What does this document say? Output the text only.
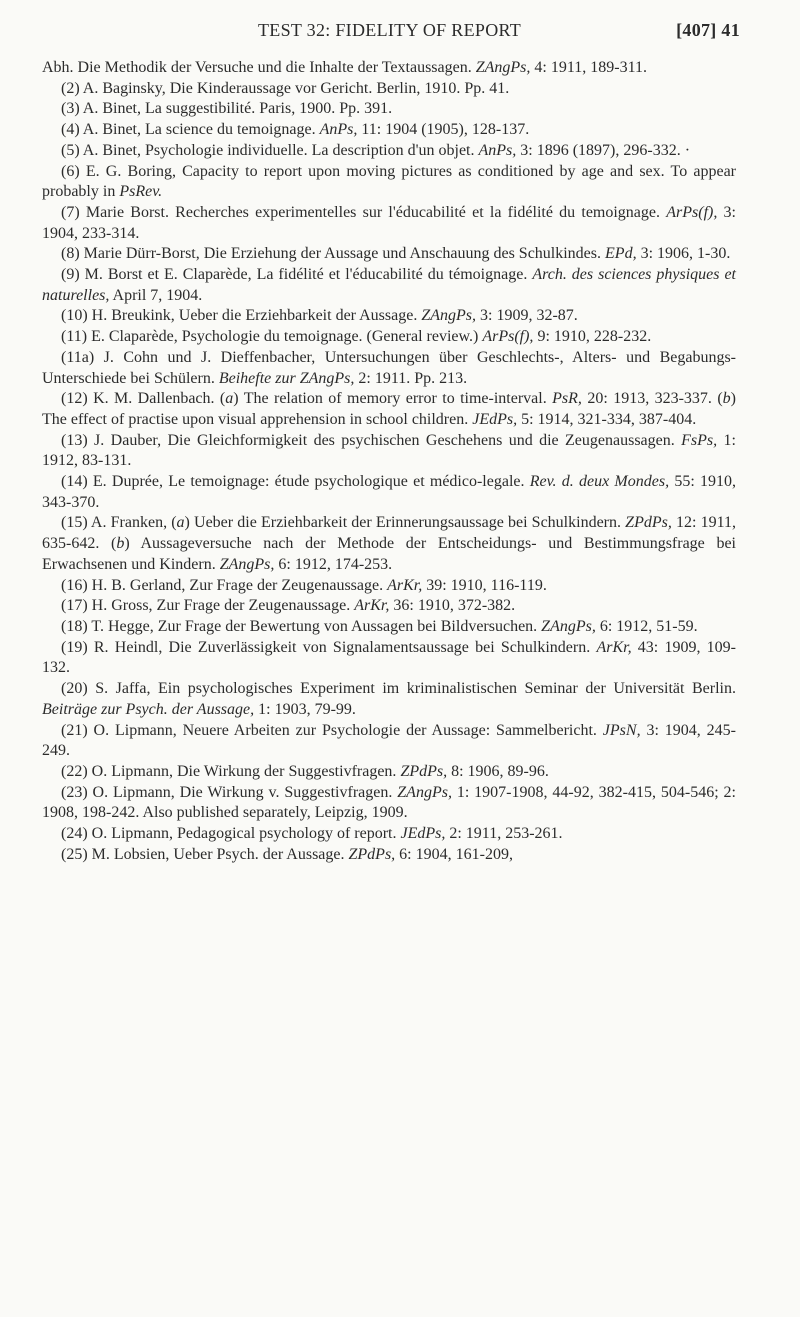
TEST 32: FIDELITY OF REPORT	[407] 41

Abh. Die Methodik der Versuche und die Inhalte der Textaussagen. ZAngPs, 4: 1911, 189-311.

(2) A. Baginsky, Die Kinderaussage vor Gericht. Berlin, 1910. Pp. 41.

(3) A. Binet, La suggestibilité. Paris, 1900. Pp. 391.

(4) A. Binet, La science du temoignage. AnPs, 11: 1904 (1905), 128-137.

(5) A. Binet, Psychologie individuelle. La description d'un objet. AnPs, 3: 1896 (1897), 296-332. ·

(6) E. G. Boring, Capacity to report upon moving pictures as conditioned by age and sex. To appear probably in PsRev.

(7) Marie Borst. Recherches experimentelles sur l'éducabilité et la fidélité du temoignage. ArPs(f), 3: 1904, 233-314.

(8) Marie Dürr-Borst, Die Erziehung der Aussage und Anschauung des Schulkindes. EPd, 3: 1906, 1-30.

(9) M. Borst et E. Claparède, La fidélité et l'éducabilité du témoignage. Arch. des sciences physiques et naturelles, April 7, 1904.

(10) H. Breukink, Ueber die Erziehbarkeit der Aussage. ZAngPs, 3: 1909, 32-87.

(11) E. Claparède, Psychologie du temoignage. (General review.) ArPs(f), 9: 1910, 228-232.

(11a) J. Cohn und J. Dieffenbacher, Untersuchungen über Geschlechts-, Alters- und Begabungs-Unterschiede bei Schülern. Beihefte zur ZAngPs, 2: 1911. Pp. 213.

(12) K. M. Dallenbach. (a) The relation of memory error to time-interval. PsR, 20: 1913, 323-337. (b) The effect of practise upon visual apprehension in school children. JEdPs, 5: 1914, 321-334, 387-404.

(13) J. Dauber, Die Gleichformigkeit des psychischen Geschehens und die Zeugenaussagen. FsPs, 1: 1912, 83-131.

(14) E. Duprée, Le temoignage: étude psychologique et médico-legale. Rev. d. deux Mondes, 55: 1910, 343-370.

(15) A. Franken, (a) Ueber die Erziehbarkeit der Erinnerungsaussage bei Schulkindern. ZPdPs, 12: 1911, 635-642. (b) Aussageversuche nach der Methode der Entscheidungs- und Bestimmungsfrage bei Erwachsenen und Kindern. ZAngPs, 6: 1912, 174-253.

(16) H. B. Gerland, Zur Frage der Zeugenaussage. ArKr, 39: 1910, 116-119.

(17) H. Gross, Zur Frage der Zeugenaussage. ArKr, 36: 1910, 372-382.

(18) T. Hegge, Zur Frage der Bewertung von Aussagen bei Bildversuchen. ZAngPs, 6: 1912, 51-59.

(19) R. Heindl, Die Zuverlässigkeit von Signalamentsaussage bei Schulkindern. ArKr, 43: 1909, 109-132.

(20) S. Jaffa, Ein psychologisches Experiment im kriminalistischen Seminar der Universität Berlin. Beiträge zur Psych. der Aussage, 1: 1903, 79-99.

(21) O. Lipmann, Neuere Arbeiten zur Psychologie der Aussage: Sammelbericht. JPsN, 3: 1904, 245-249.

(22) O. Lipmann, Die Wirkung der Suggestivfragen. ZPdPs, 8: 1906, 89-96.

(23) O. Lipmann, Die Wirkung v. Suggestivfragen. ZAngPs, 1: 1907-1908, 44-92, 382-415, 504-546; 2: 1908, 198-242. Also published separately, Leipzig, 1909.

(24) O. Lipmann, Pedagogical psychology of report. JEdPs, 2: 1911, 253-261.

(25) M. Lobsien, Ueber Psych. der Aussage. ZPdPs, 6: 1904, 161-209,
